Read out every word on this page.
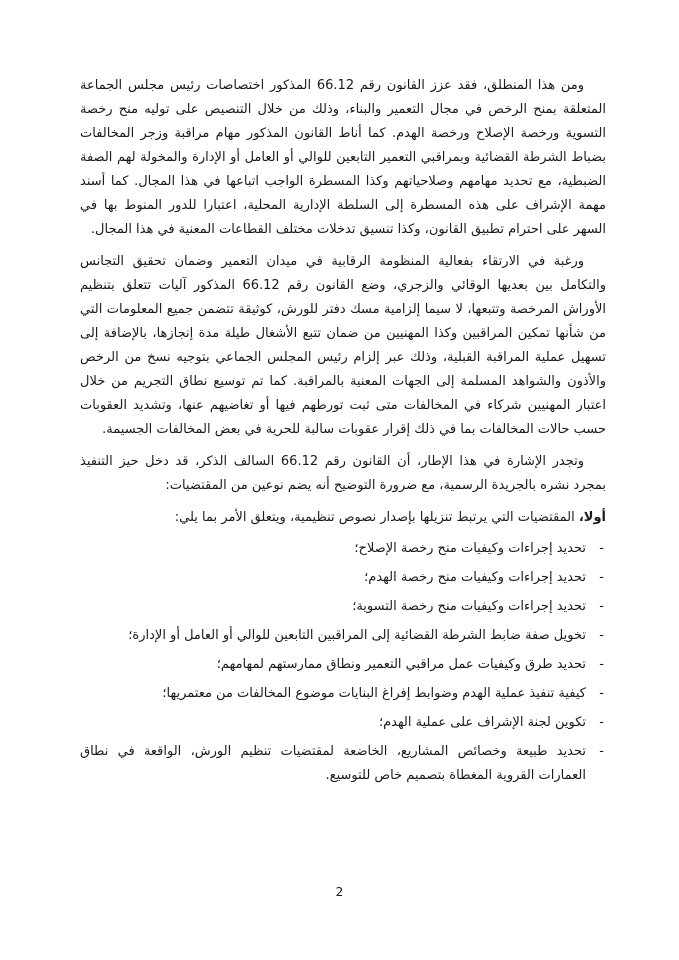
ومن هذا المنطلق، فقد عزز القانون رقم 66.12 المذكور اختصاصات رئيس مجلس الجماعة المتعلقة بمنح الرخص في مجال التعمير والبناء، وذلك من خلال التنصيص على توليه منح رخصة التسوية ورخصة الإصلاح ورخصة الهدم. كما أناط القانون المذكور مهام مراقبة وزجر المخالفات بضباط الشرطة القضائية وبمراقبي التعمير التابعين للوالي أو العامل أو الإدارة والمخولة لهم الصفة الضبطية، مع تحديد مهامهم وصلاحياتهم وكذا المسطرة الواجب اتباعها في هذا المجال. كما أسند مهمة الإشراف على هذه المسطرة إلى السلطة الإدارية المحلية، اعتبارا للدور المنوط بها في السهر على احترام تطبيق القانون، وكذا تنسيق تدخلات مختلف القطاعات المعنية في هذا المجال.

ورغبة في الارتقاء بفعالية المنظومة الرقابية في ميدان التعمير وضمان تحقيق التجانس والتكامل بين بعديها الوقائي والزجري، وضع القانون رقم 66.12 المذكور آليات تتعلق بتنظيم الأوراش المرخصة وتتبعها، لا سيما إلزامية مسك دفتر للورش، كوثيقة تتضمن جميع المعلومات التي من شأنها تمكين المراقبين وكذا المهنيين من ضمان تتبع الأشغال طيلة مدة إنجازها، بالإضافة إلى تسهيل عملية المراقبة القبلية، وذلك عبر إلزام رئيس المجلس الجماعي بتوجيه نسخ من الرخص والأذون والشواهد المسلمة إلى الجهات المعنية بالمراقبة. كما تم توسيع نطاق التجريم من خلال اعتبار المهنيين شركاء في المخالفات متى ثبت تورطهم فيها أو تغاضيهم عنها، وتشديد العقوبات حسب حالات المخالفات بما في ذلك إقرار عقوبات سالبة للحرية في بعض المخالفات الجسيمة.

وتجدر الإشارة في هذا الإطار، أن القانون رقم 66.12 السالف الذكر، قد دخل حيز التنفيذ بمجرد نشره بالجريدة الرسمية، مع ضرورة التوضيح أنه يضم نوعين من المقتضيات:

أولا، المقتضيات التي يرتبط تنزيلها بإصدار نصوص تنظيمية، ويتعلق الأمر بما يلي:

-
تحديد إجراءات وكيفيات منح رخصة الإصلاح؛
-
تحديد إجراءات وكيفيات منح رخصة الهدم؛
-
تحديد إجراءات وكيفيات منح رخصة التسوية؛
-
تخويل صفة ضابط الشرطة القضائية إلى المراقبين التابعين للوالي أو العامل أو الإدارة؛
-
تحديد طرق وكيفيات عمل مراقبي التعمير ونطاق ممارستهم لمهامهم؛
-
كيفية تنفيذ عملية الهدم وضوابط إفراغ البنايات موضوع المخالفات من معتمريها؛
-
تكوين لجنة الإشراف على عملية الهدم؛
-
تحديد طبيعة وخصائص المشاريع، الخاضعة لمقتضيات تنظيم الورش، الواقعة في نطاق العمارات القروية المغطاة بتصميم خاص للتوسيع.
2
